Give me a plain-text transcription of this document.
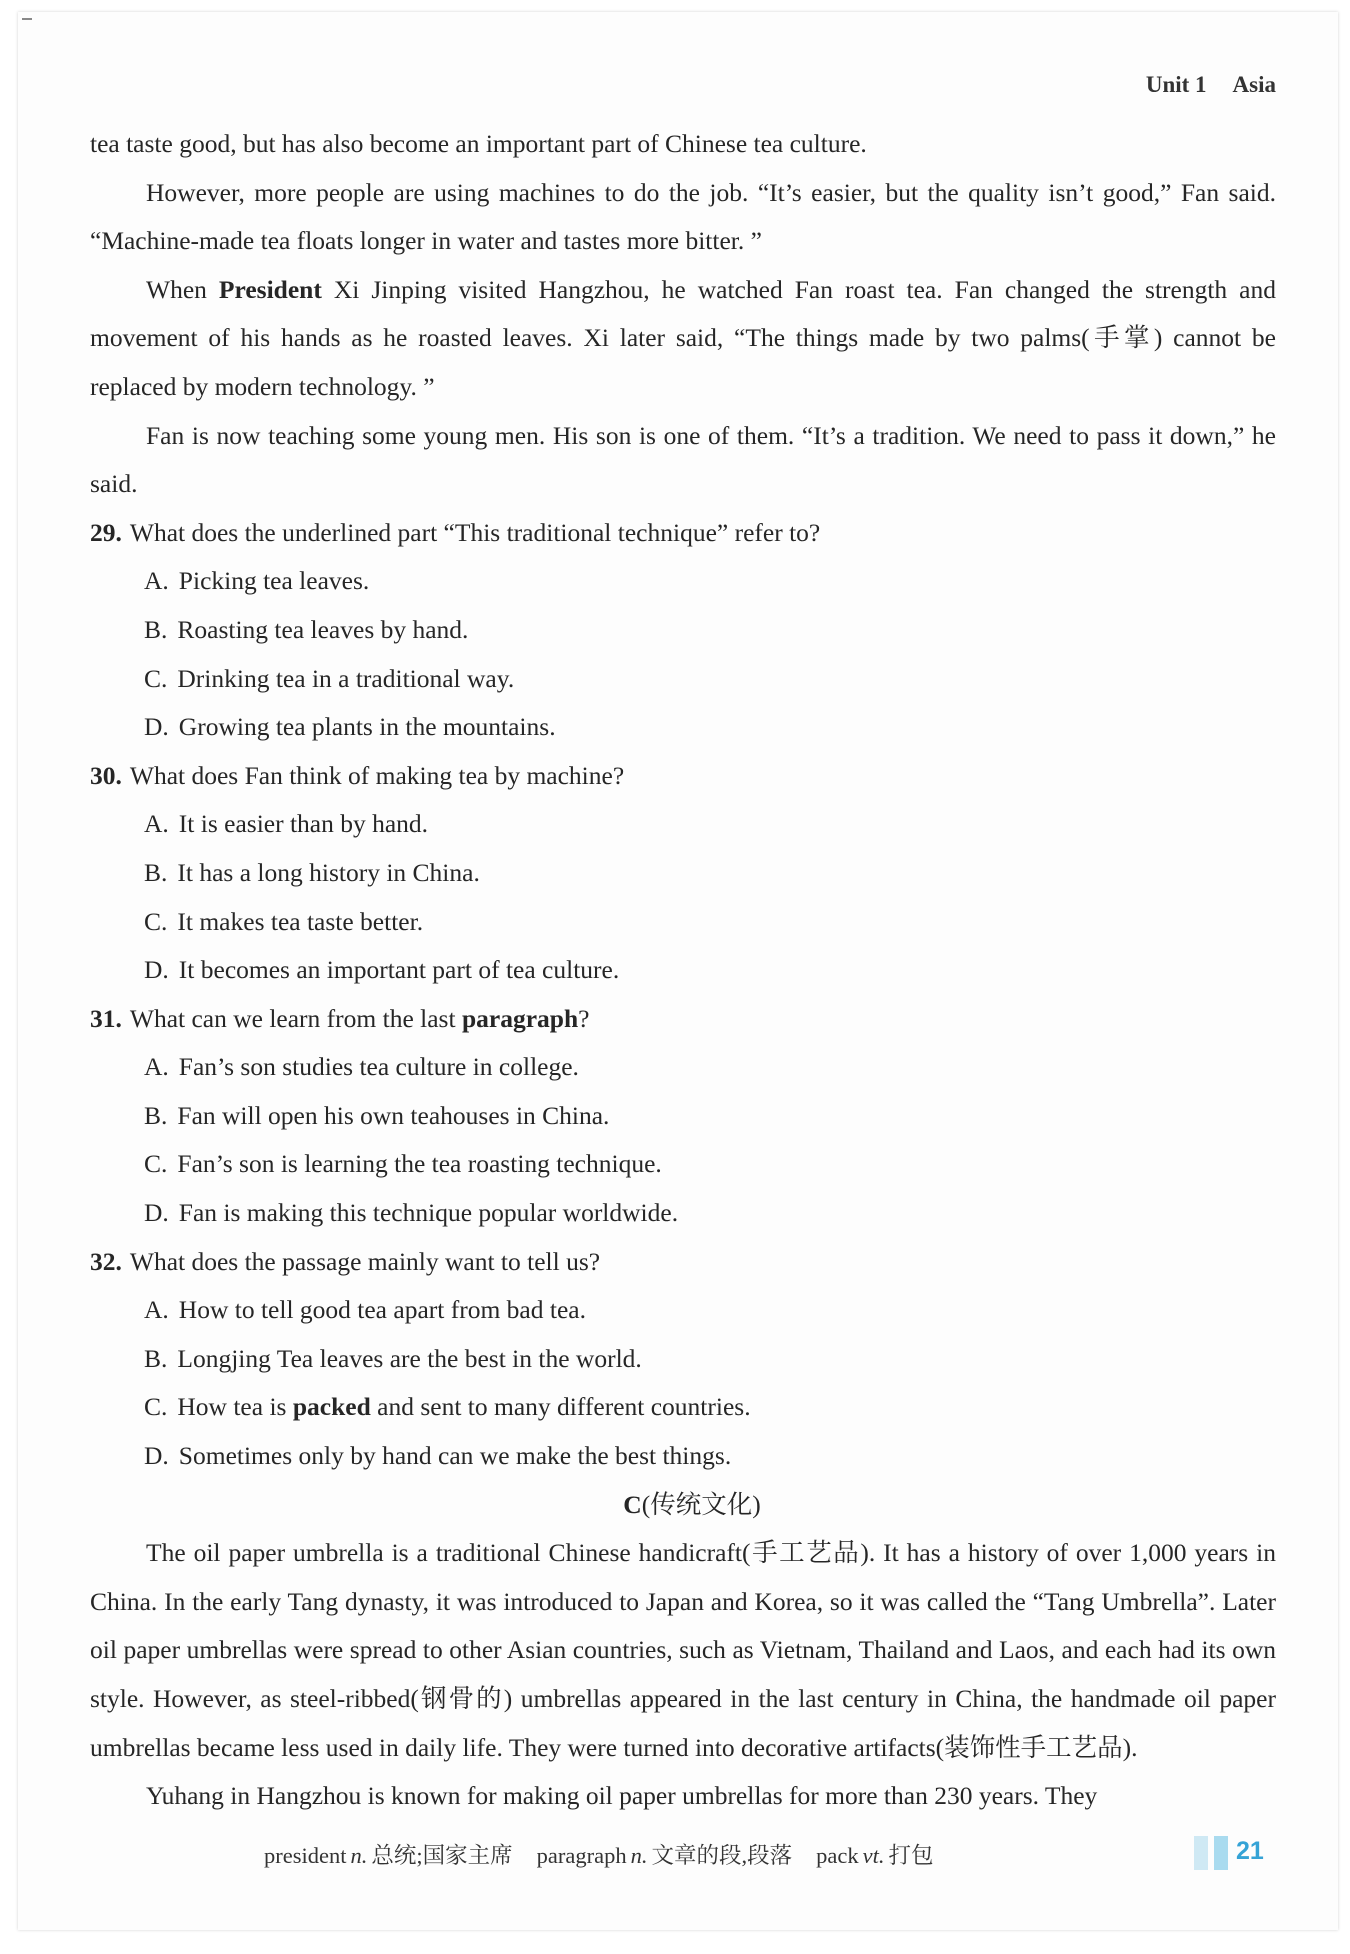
Unit 1 Asia
tea taste good, but has also become an important part of Chinese tea culture.
However, more people are using machines to do the job. “It’s easier, but the quality isn’t good,” Fan said. “Machine-made tea floats longer in water and tastes more bitter. ”
When President Xi Jinping visited Hangzhou, he watched Fan roast tea. Fan changed the strength and movement of his hands as he roasted leaves. Xi later said, “The things made by two palms(手掌) cannot be replaced by modern technology. ”
Fan is now teaching some young men. His son is one of them. “It’s a tradition. We need to pass it down,” he said.
29. What does the underlined part “This traditional technique” refer to?
A. Picking tea leaves.
B. Roasting tea leaves by hand.
C. Drinking tea in a traditional way.
D. Growing tea plants in the mountains.
30. What does Fan think of making tea by machine?
A. It is easier than by hand.
B. It has a long history in China.
C. It makes tea taste better.
D. It becomes an important part of tea culture.
31. What can we learn from the last paragraph?
A. Fan’s son studies tea culture in college.
B. Fan will open his own teahouses in China.
C. Fan’s son is learning the tea roasting technique.
D. Fan is making this technique popular worldwide.
32. What does the passage mainly want to tell us?
A. How to tell good tea apart from bad tea.
B. Longjing Tea leaves are the best in the world.
C. How tea is packed and sent to many different countries.
D. Sometimes only by hand can we make the best things.
C(传统文化)
The oil paper umbrella is a traditional Chinese handicraft(手工艺品). It has a history of over 1,000 years in China. In the early Tang dynasty, it was introduced to Japan and Korea, so it was called the “Tang Umbrella”. Later oil paper umbrellas were spread to other Asian countries, such as Vietnam, Thailand and Laos, and each had its own style. However, as steel-ribbed(钢骨的) umbrellas appeared in the last century in China, the handmade oil paper umbrellas became less used in daily life. They were turned into decorative artifacts(装饰性手工艺品).
Yuhang in Hangzhou is known for making oil paper umbrellas for more than 230 years. They
president n. 总统;国家主席 paragraph n. 文章的段,段落 pack vt. 打包	21
